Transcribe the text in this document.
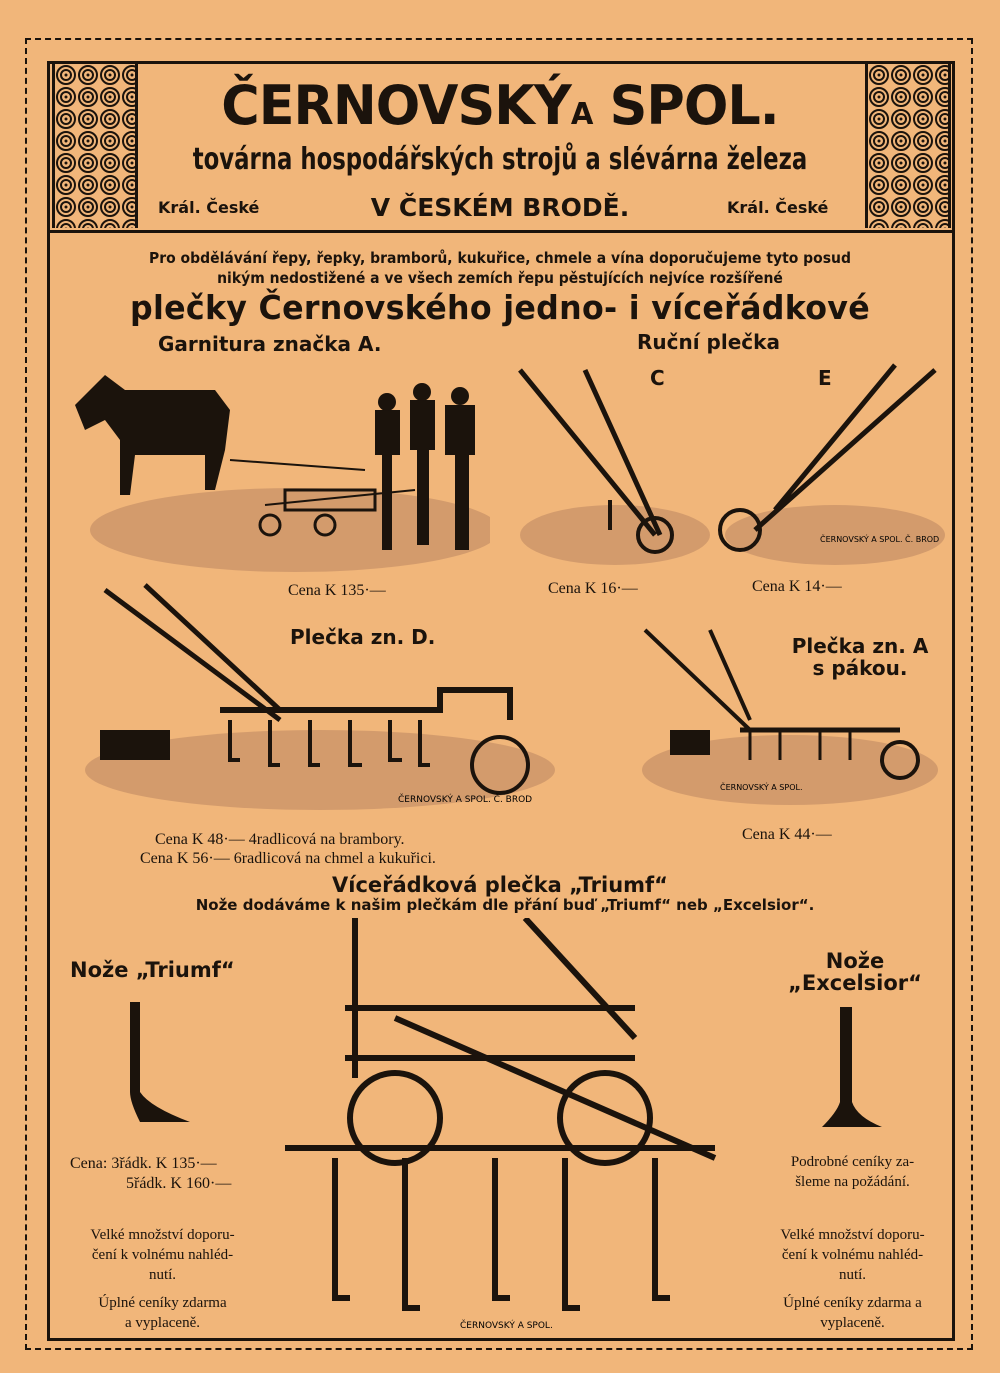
ČERNOVSKÝA SPOL.
továrna hospodářských strojů a slévárna železa
Král. České	V ČESKÉM BRODĚ.	Král. České
Pro obdělávání řepy, řepky, bramborů, kukuřice, chmele a vína doporučujeme tyto posud
nikým nedostižené a ve všech zemích řepu pěstujících nejvíce rozšířené
plečky Černovského jedno- i víceřádkové
Garnitura značka A.
Cena K 135·—
Ruční plečka
C	E
ČERNOVSKÝ A SPOL. Č. BROD
Cena K 16·—	Cena K 14·—
Plečka zn. D.
ČERNOVSKÝ A SPOL. Č. BROD
Cena K 48·— 4radlicová na brambory.
Cena K 56·— 6radlicová na chmel a kukuřici.
Plečka zn. A
s pákou.
ČERNOVSKÝ A SPOL.
Cena K 44·—
Víceřádková plečka „Triumf“
Nože dodáváme k našim plečkám dle přání buď „Triumf“ neb „Excelsior“.
ČERNOVSKÝ A SPOL.
Nože „Triumf“
Cena: 3řádk. K 135·—
5řádk. K 160·—
Velké množství doporu-
čení k volnému nahléd-
nutí.
Úplné ceníky zdarma
a vyplaceně.
Nože
„Excelsior“
Podrobné ceníky za-
šleme na požádání.
Velké množství doporu-
čení k volnému nahléd-
nutí.
Úplné ceníky zdarma a
vyplaceně.
